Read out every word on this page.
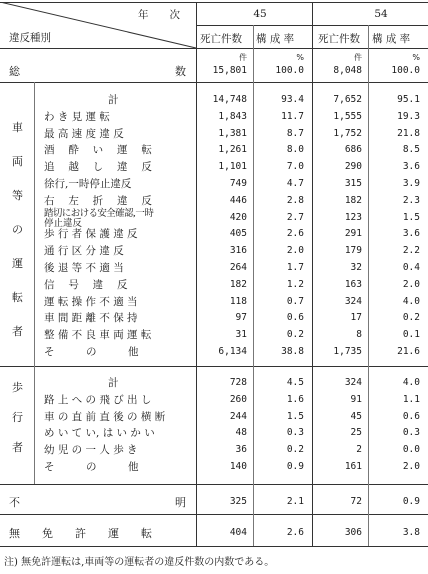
年　　次
違反種別
45	54
死亡件数 構 成 率 死亡件数 構 成 率
総	数
件	%	件	%
15,801	100.0	8,048	100.0
車
両
等
の
運
転
者
計	14,748	93.4	7,652	95.1
わ き 見 運 転	1,843	11.7	1,555	19.3
最 高 速 度 違 反	1,381	8.7	1,752	21.8
酒　 酔　 い　 運　 転	1,261	8.0	686	8.5
追　 越　 し　 違　 反	1,101	7.0	290	3.6
徐行,一時停止違反	749	4.7	315	3.9
右　 左　 折　 違　 反	446	2.8	182	2.3
踏切における安全確認,一時
停止違反
420	2.7	123	1.5
歩 行 者 保 護 違 反	405	2.6	291	3.6
通 行 区 分 違 反	316	2.0	179	2.2
後 退 等 不 適 当	264	1.7	32	0.4
信　 号　 違　 反	182	1.2	163	2.0
運 転 操 作 不 適 当	118	0.7	324	4.0
車 間 距 離 不 保 持	97	0.6	17	0.2
整 備 不 良 車 両 運 転	31	0.2	8	0.1
そ　　　の　　　他	6,134	38.8	1,735	21.6
歩
行
者
計	728	4.5	324	4.0
路 上 へ の 飛 び 出 し	260	1.6	91	1.1
車 の 直 前 直 後 の 横 断	244	1.5	45	0.6
め い て い, は い か い	48	0.3	25	0.3
幼 児 の 一 人 歩 き	36	0.2	2	0.0
そ　　　の　　　他	140	0.9	161	2.0
不	明	325	2.1	72	0.9
無　　免　　許　　運　　転	404	2.6	306	3.8
注) 無免許運転は,車両等の運転者の違反件数の内数である。
